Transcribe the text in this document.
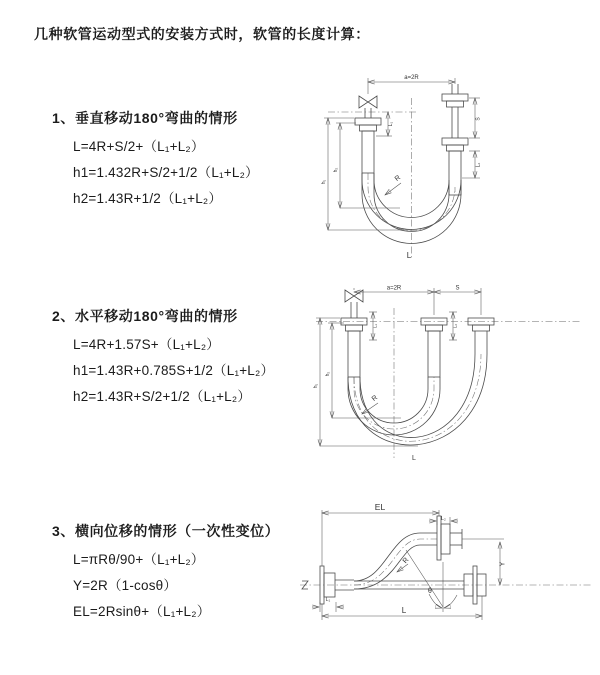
几种软管运动型式的安装方式时，软管的长度计算：
1、垂直移动180°弯曲的情形
L=4R+S/2+（L₁+L₂）
h1=1.432R+S/2+1/2（L₁+L₂）
h2=1.43R+1/2（L₁+L₂）
2、水平移动180°弯曲的情形
L=4R+1.57S+（L₁+L₂）
h1=1.43R+0.785S+1/2（L₁+L₂）
h2=1.43R+S/2+1/2（L₁+L₂）
3、横向位移的情形（一次性变位）
L=πRθ/90+（L₁+L₂）
Y=2R（1-cosθ）
EL=2Rsinθ+（L₁+L₂）
a=2R
S
L₂
L₁
h₁
h₂
R
L
a=2R	S
h₁
h₂
L₁	L₂
R
L
θ
R
EL
L₂
Y
L
L₁
